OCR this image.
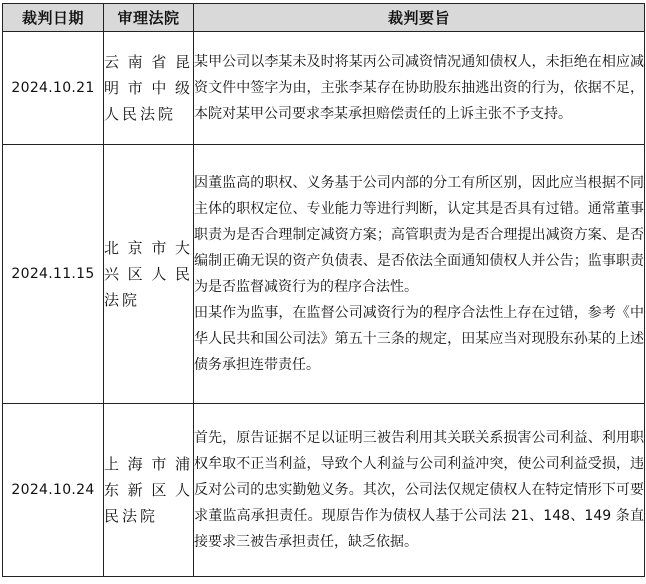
裁判日期	审理法院	裁判要旨
2024.10.21	云南省昆明市中级人民法院	某甲公司以李某未及时将某丙公司减资情况通知债权人，未拒绝在相应减资文件中签字为由，主张李某存在协助股东抽逃出资的行为，依据不足，本院对某甲公司要求李某承担赔偿责任的上诉主张不予支持。

2024.11.15	北京市大兴区人民法院	因董监高的职权、义务基于公司内部的分工有所区别，因此应当根据不同主体的职权定位、专业能力等进行判断，认定其是否具有过错。通常董事职责为是否合理制定减资方案；高管职责为是否合理提出减资方案、是否编制正确无误的资产负债表、是否依法全面通知债权人并公告；监事职责为是否监督减资行为的程序合法性。

田某作为监事，在监督公司减资行为的程序合法性上存在过错，参考《中华人民共和国公司法》第五十三条的规定，田某应当对现股东孙某的上述债务承担连带责任。

2024.10.24	上海市浦东新区人民法院	首先，原告证据不足以证明三被告利用其关联关系损害公司利益、利用职权牟取不正当利益，导致个人利益与公司利益冲突，使公司利益受损，违反对公司的忠实勤勉义务。其次，公司法仅规定债权人在特定情形下可要求董监高承担责任。现原告作为债权人基于公司法 21、148、149 条直接要求三被告承担责任，缺乏依据。
